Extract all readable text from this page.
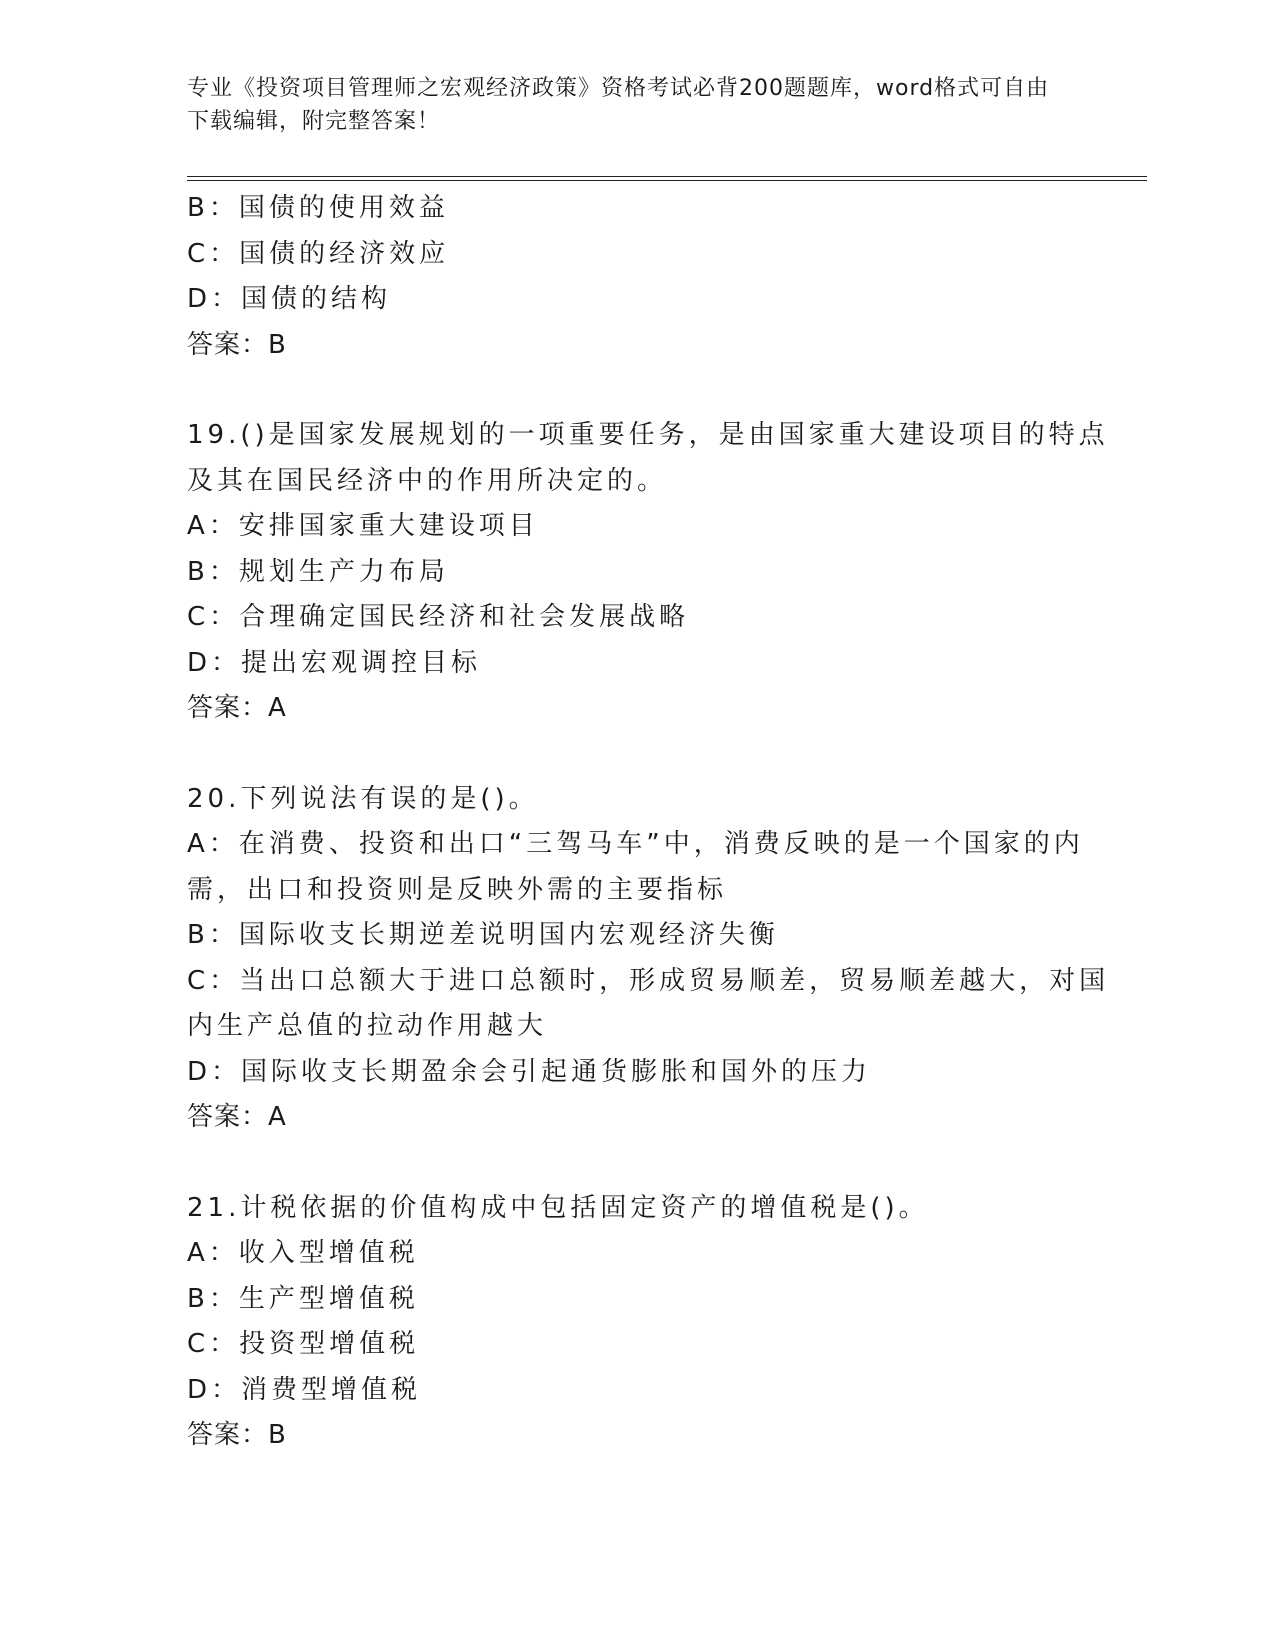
专业《投资项目管理师之宏观经济政策》资格考试必背200题题库，word格式可自由下载编辑，附完整答案！
B：国债的使用效益
C：国债的经济效应
D：国债的结构
答案：B
19.()是国家发展规划的一项重要任务，是由国家重大建设项目的特点
及其在国民经济中的作用所决定的。
A：安排国家重大建设项目
B：规划生产力布局
C：合理确定国民经济和社会发展战略
D：提出宏观调控目标
答案：A
20.下列说法有误的是()。
A：在消费、投资和出口“三驾马车”中，消费反映的是一个国家的内
需，出口和投资则是反映外需的主要指标
B：国际收支长期逆差说明国内宏观经济失衡
C：当出口总额大于进口总额时，形成贸易顺差，贸易顺差越大，对国
内生产总值的拉动作用越大
D：国际收支长期盈余会引起通货膨胀和国外的压力
答案：A
21.计税依据的价值构成中包括固定资产的增值税是()。
A：收入型增值税
B：生产型增值税
C：投资型增值税
D：消费型增值税
答案：B
